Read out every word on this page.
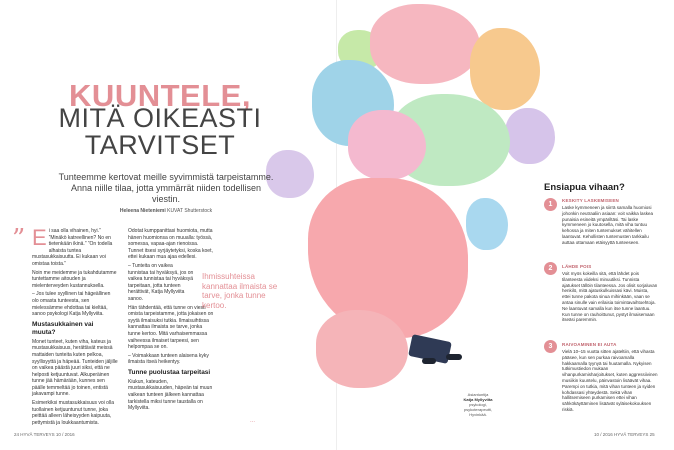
KUUNTELE,
MITÄ OIKEASTI
TARVITSET
Tunteemme kertovat meille syvimmistä tarpeistamme. Anna niille tilaa, jotta ymmärrät niiden todellisen viestin.
Heleena Nieteniemi KUVAT Shutterstock
” Ei saa olla vihainen, hyi.” “Minäkö katreellinen? No en tietenkään ikinä.” “On todella alhaista tuntea mustasukkaisuutta. Ei kukaan voi omistaa toista.”

Noin me meidemme ja tukahdutamme tuntettamme aitouden ja mielenterveyden kustannuksella.

– Jos tulee syyllinen tai hägeällinen olo omasta tunteesta, sen mielessämme ehdottaa tai kieltää, sanoo psykologi Katja Myllyviita.

Mustasukkainen vai muuta?

Monet tunteet, kuten viha, kateus ja mustasukkaisuus, herättävät meissä mattaiden tunteita kuten pelkoa, syyllisyyttä ja häpeää. Tunteiden jäljille on vaikea päästä juuri siksi, että ne helposti ketjuuntuvat. Alkuperäinen tunne jää hämärään, kunnes sen päälle temmeltää jo toinen, entistä jakavampi tunne.

Esimerkiksi mustasukkaisuus voi olla tuollainen ketjuuntunut tunne, joka peittää alleen läheisyyden kaipuuta, pettymistä ja loukkaantumista.

Odotat kumppanittasi huomiota, mutta hänen huomionsa on muualla: työssä, somessa, vapaa-ajan rienoissa. Tunnet itsesi syrjäytetyksi, koska koet, ettei kukaan mua ajaa edellesi.

– Tunteita on vaikea tunnistaa tai hyväksyä, jos on vaikea tunnistaa tai hyväksyä tarpeitaan, jotta tunteen herättivät, Katja Myllyviita sanoo.

Hän tähdentää, että tunne on viesti omista tarpeistamme, jotta jokaisen on syytä ilmaisuksi tutkia. Ilmaisuihtissa kannattaa ilmaista se tarve, jonka tunne kertoo. Mitä varhaisemmassa vaiheessa ilmaiset tarpeesi, sen helpompaa se on.

– Voimakkaan tunteen alaisena kyky ilmaista itseä heikentyy.

Tunne puolustaa tarpeitasi

Kiukun, kateuden, mustasukkaisuuden, häpeän tai muun vaikean tunteen jälkeen kannattaa tarkistella miksi tunne taustalla on Myllyviita.

Ihmissuhteissa kannattaa ilmaista se tarve, jonka tunne kertoo.
...
Asiantuntija
Katja Myllyviita
psykologi, psykoterapeutti, Hyvinkää.
Ensiapua vihaan?
1
KESKITY LASKEMISEEN
Laske kymmeneen ja siirrä samalla huomiosi johonkin neutraaliin asiaan: voit vaikka laskea punaisia esineitä ympäriltäsi. Tai laske kymmeneen jo kuutosella, mitä viha tuntuu kehossa ja miten tuntemukset vähitellen laantuvat. Kehollisten tuntemusten tarkkailu auttaa ottamaan etäisyyttä tunteeseen.
2	LÄHDE POIS
Voit myös kokeilla sitä, että lähdet pois tilanteesta viideksi minuutiksi. Tunnista ajatukset tällöin tilanteessa. Jos olisit sorjaluvan henkilö, mitä ajatuskulkuissasi kävi. Muista, ettei tunne pakota sinua mihinkään, vaan se antaa sinulle vain erilaisia toimintavaihtoehtoja. Ne laantuvat samalla kun itse tunne laantuu. Kun tunne on rauhoittunut, pystyt ilmaisemaan itseäsi paremmin.
3	RAIVOAMINEN EI AUTA
Vielä 10–15 vuotta sitten ajateltiin, että vihasta pääsee, kun sen purkaa raivoamalla hakkaamalla tyynyä tai huutamalla. Nykyisen tutkimustiedon mukaan vihanpurkamisharjoitukset, kuten aggressiivinen musiikin kuuntelu, päinvastoin lisäävät vihaa. Parempi on tutkia, mitä vihan tunteen ja syiden kohdassasi yhteydestä. Sekä vihan hallitsemiseen purkamisen ettei vihan sähkökäyttäminen lisäävät syläisekokouksen riskiä.
24 HYVÄ TERVEYS 10 / 2016	10 / 2016 HYVÄ TERVEYS 25
